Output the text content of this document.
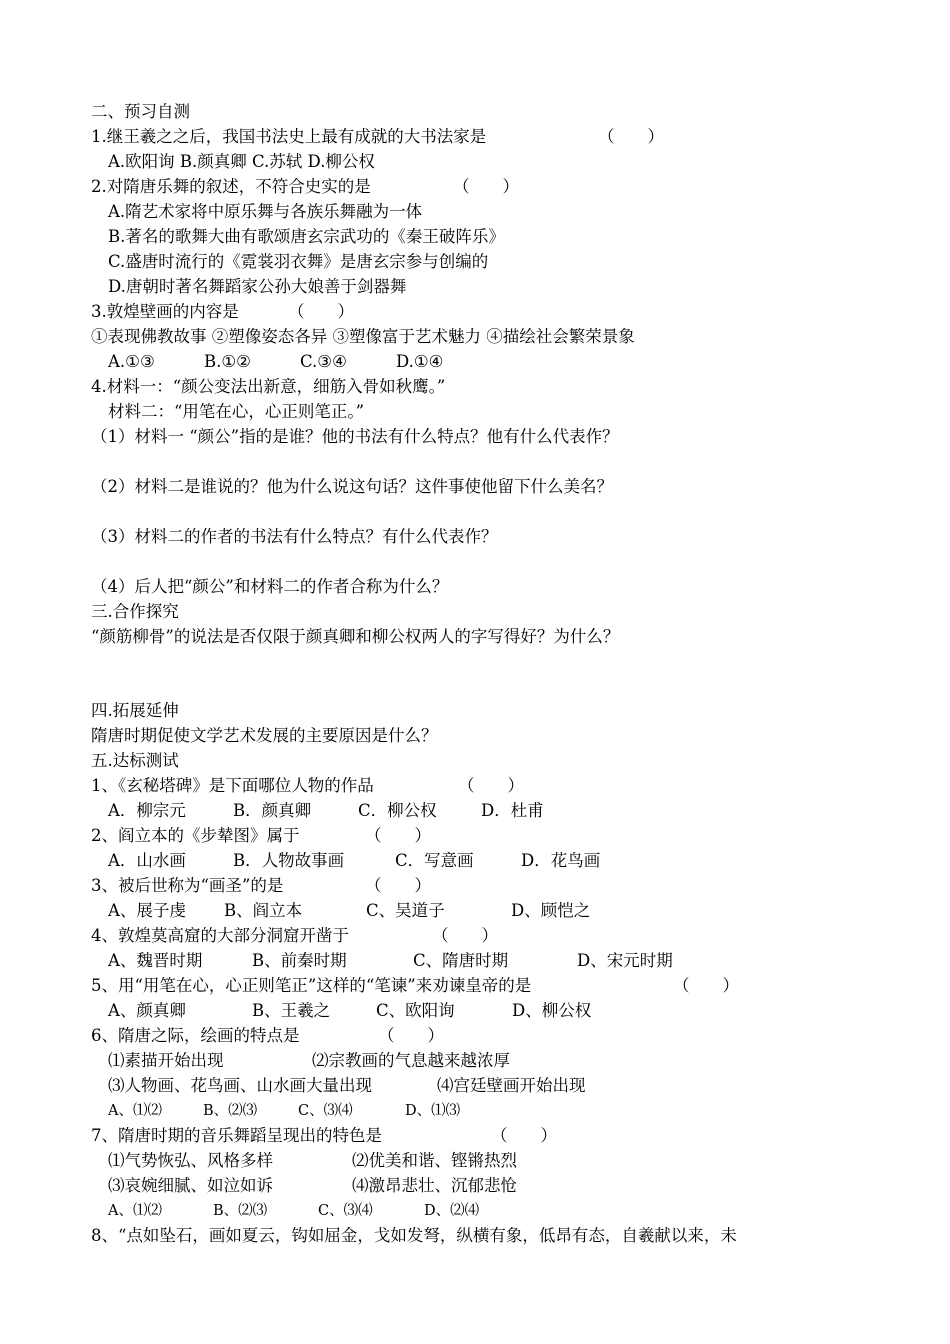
二、预习自测
1.继王羲之之后，我国书法史上最有成就的大书法家是	（　　）
A.欧阳询 B.颜真卿 C.苏轼 D.柳公权
2.对隋唐乐舞的叙述，不符合史实的是	（　　）
A.隋艺术家将中原乐舞与各族乐舞融为一体
B.著名的歌舞大曲有歌颂唐玄宗武功的《秦王破阵乐》
C.盛唐时流行的《霓裳羽衣舞》是唐玄宗参与创编的
D.唐朝时著名舞蹈家公孙大娘善于剑器舞
3.敦煌壁画的内容是	（　　）
①表现佛教故事 ②塑像姿态各异 ③塑像富于艺术魅力 ④描绘社会繁荣景象
A.①③	B.①②	C.③④	D.①④
4.材料一：“颜公变法出新意，细筋入骨如秋鹰。”
材料二：“用笔在心，心正则笔正。”
（1）材料一 “颜公”指的是谁？他的书法有什么特点？他有什么代表作？
（2）材料二是谁说的？他为什么说这句话？这件事使他留下什么美名？
（3）材料二的作者的书法有什么特点？有什么代表作？
（4）后人把“颜公”和材料二的作者合称为什么？
三.合作探究
“颜筋柳骨”的说法是否仅限于颜真卿和柳公权两人的字写得好？为什么？
四.拓展延伸
隋唐时期促使文学艺术发展的主要原因是什么？
五.达标测试
1、《玄秘塔碑》是下面哪位人物的作品	（　　）
A．柳宗元	B．颜真卿	C．柳公权	D．杜甫
2、阎立本的《步辇图》属于	（　　）
A．山水画	B．人物故事画	C．写意画	D．花鸟画
3、被后世称为“画圣”的是	（　　）
A、展子虔 B、阎立本	C、吴道子	D、顾恺之
4、敦煌莫高窟的大部分洞窟开凿于	（　　）
A、魏晋时期	B、前秦时期	C、隋唐时期	D、宋元时期
5、用“用笔在心，心正则笔正”这样的“笔谏”来劝谏皇帝的是	（　　）
A、颜真卿	B、王羲之	C、欧阳询	D、柳公权
6、隋唐之际，绘画的特点是	（　　）
⑴素描开始出现	⑵宗教画的气息越来越浓厚
⑶人物画、花鸟画、山水画大量出现	⑷宫廷壁画开始出现
A、⑴⑵	B、⑵⑶	C、⑶⑷	D、⑴⑶
7、隋唐时期的音乐舞蹈呈现出的特色是	（　　）
⑴气势恢弘、风格多样	⑵优美和谐、铿锵热烈
⑶哀婉细腻、如泣如诉	⑷激昂悲壮、沉郁悲怆
A、⑴⑵	B、⑵⑶	C、⑶⑷	D、⑵⑷
8、“点如坠石，画如夏云，钩如屈金，戈如发弩，纵横有象，低昂有态，自羲献以来，未
